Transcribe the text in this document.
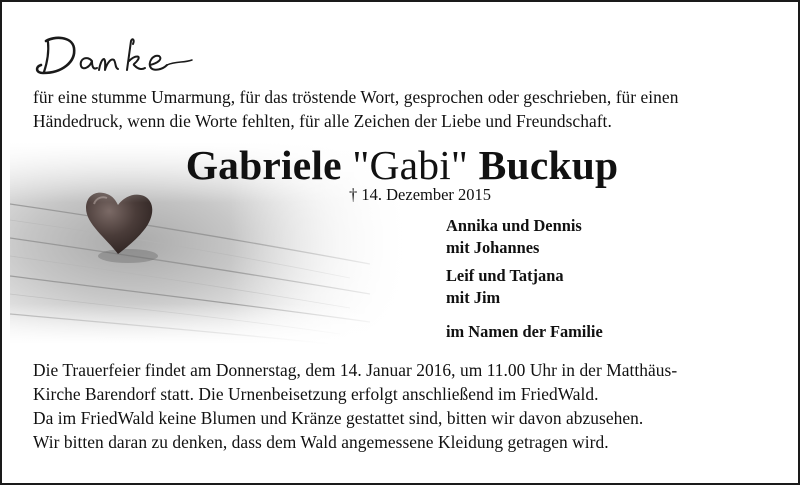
für eine stumme Umarmung, für das tröstende Wort, gesprochen oder geschrieben, für einen
Händedruck, wenn die Worte fehlten, für alle Zeichen der Liebe und Freundschaft.
Gabriele "Gabi" Buckup
† 14. Dezember 2015
Annika und Dennis
mit Johannes
Leif und Tatjana
mit Jim
im Namen der Familie
Die Trauerfeier findet am Donnerstag, dem 14. Januar 2016, um 11.00 Uhr in der Matthäus-
Kirche Barendorf statt. Die Urnenbeisetzung erfolgt anschließend im FriedWald.
Da im FriedWald keine Blumen und Kränze gestattet sind, bitten wir davon abzusehen.
Wir bitten daran zu denken, dass dem Wald angemessene Kleidung getragen wird.
